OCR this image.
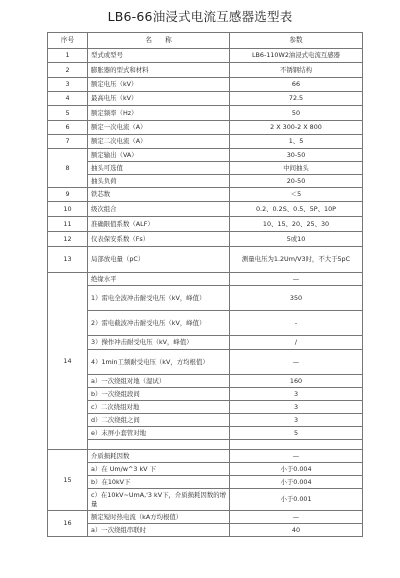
LB6-66油浸式电流互感器选型表
序号	名　　称	参数
1	型式或型号	LB6-110W2油浸式电流互感器
2	膨胀器的型式和材料	不锈钢结构
3	额定电压（kV）	66
4	最高电压（kV）	72.5
5	额定频率（Hz）	50
6	额定一次电流（A）	2 X 300-2 X 800
7	额定二次电流（A）	1、5
8	额定输出（VA）	30-50
	抽头可选值	中间抽头
	抽头负荷	20-50
9	铁芯数	＜5
10	级次组合	0.2、0.2S、0.5、5P、10P
11	准确限值系数（ALF）	10、15、20、25、30
12	仪表保安系数（Fs）	5或10
13	局部放电量（pC）	测量电压为1.2Um/V3时，不大于5pC
14	绝缘水平	—
	1）雷电全波冲击耐受电压（kV，峰值）	350
	2）雷电截波冲击耐受电压（kV，峰值）	-
	3）操作冲击耐受电压（kV，峰值）	/
	4）1min工频耐受电压（kV，方均根值）	—
	a）一次绕组对地（湿试）	160
	b）一次绕组段间	3
	c）二次绕组对地	3
	d）二次绕组之间	3
	e）末屏小套管对地	5

15	介质损耗因数	—
	a）在 Um/w^3 kV 下	小于0.004
	b）在10kV下	小于0.004
	c）在10kV~UmA,'3 kV下，介质损耗因数的增量	小于0.001
16	额定短时热电流（kA方均根值）	—
	a）一次绕组串联时	40
